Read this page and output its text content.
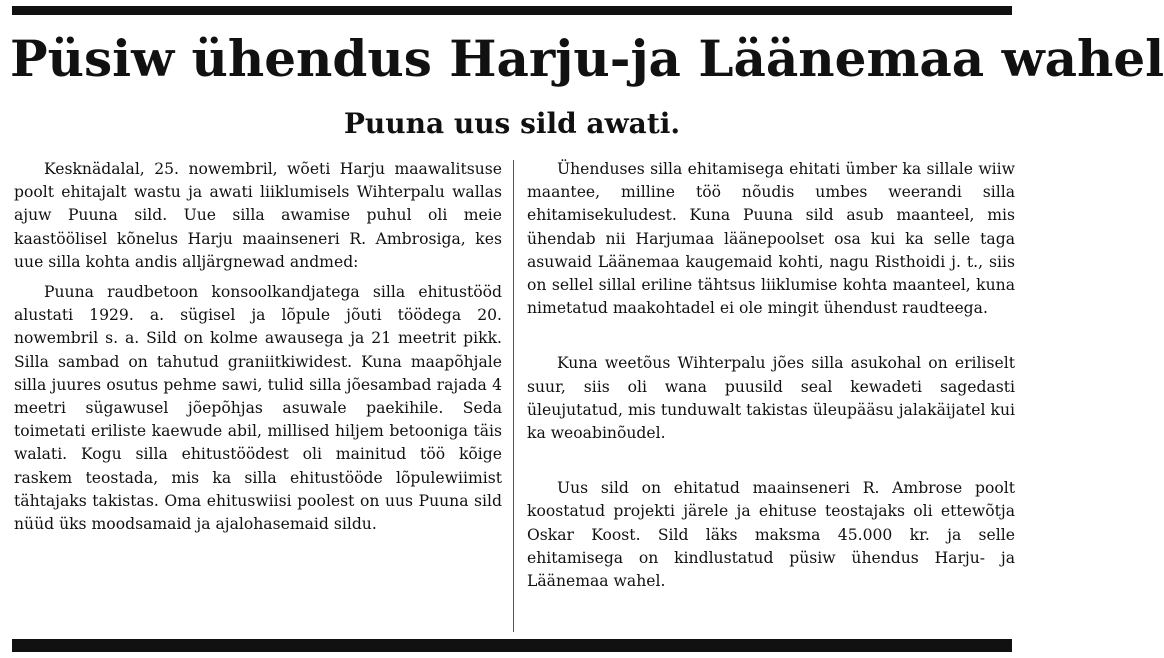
Püsiw ühendus Harju-ja Läänemaa wahel
Puuna uus sild awati.

Kesknädalal, 25. nowembril, wõeti Harju maawalitsuse poolt ehitajalt wastu ja awati liiklumisels Wihterpalu wallas ajuw Puuna sild. Uue silla awamise puhul oli meie kaastöölisel kõnelus Harju maainseneri R. Ambrosiga, kes uue silla kohta andis alljärgnewad andmed:

Puuna raudbetoon konsoolkandjatega silla ehitustööd alustati 1929. a. sügisel ja lõpule jõuti töödega 20. nowembril s. a. Sild on kolme awausega ja 21 meetrit pikk. Silla sambad on tahutud graniitkiwidest. Kuna maapõhjale silla juures osutus pehme sawi, tulid silla jõesambad rajada 4 meetri sügawusel jõepõhjas asuwale paekihile. Seda toimetati eriliste kaewude abil, millised hiljem betooniga täis walati. Kogu silla ehitustöödest oli mainitud töö kõige raskem teostada, mis ka silla ehitustööde lõpulewiimist tähtajaks takistas. Oma ehituswiisi poolest on uus Puuna sild nüüd üks moodsamaid ja ajalohasemaid sildu.

Ühenduses silla ehitamisega ehitati ümber ka sillale wiiw maantee, milline töö nõudis umbes weerandi silla ehitamisekuludest. Kuna Puuna sild asub maanteel, mis ühendab nii Harjumaa läänepoolset osa kui ka selle taga asuwaid Läänemaa kaugemaid kohti, nagu Risthoidi j. t., siis on sellel sillal eriline tähtsus liiklumise kohta maanteel, kuna nimetatud maakohtadel ei ole mingit ühendust raudteega.

Kuna weetõus Wihterpalu jões silla asukohal on eriliselt suur, siis oli wana puusild seal kewadeti sagedasti üleujutatud, mis tunduwalt takistas üleupääsu jalakäijatel kui ka weoabinõudel.

Uus sild on ehitatud maainseneri R. Ambrose poolt koostatud projekti järele ja ehituse teostajaks oli ettewõtja Oskar Koost. Sild läks maksma 45.000 kr. ja selle ehitamisega on kindlustatud püsiw ühendus Harju- ja Läänemaa wahel.
